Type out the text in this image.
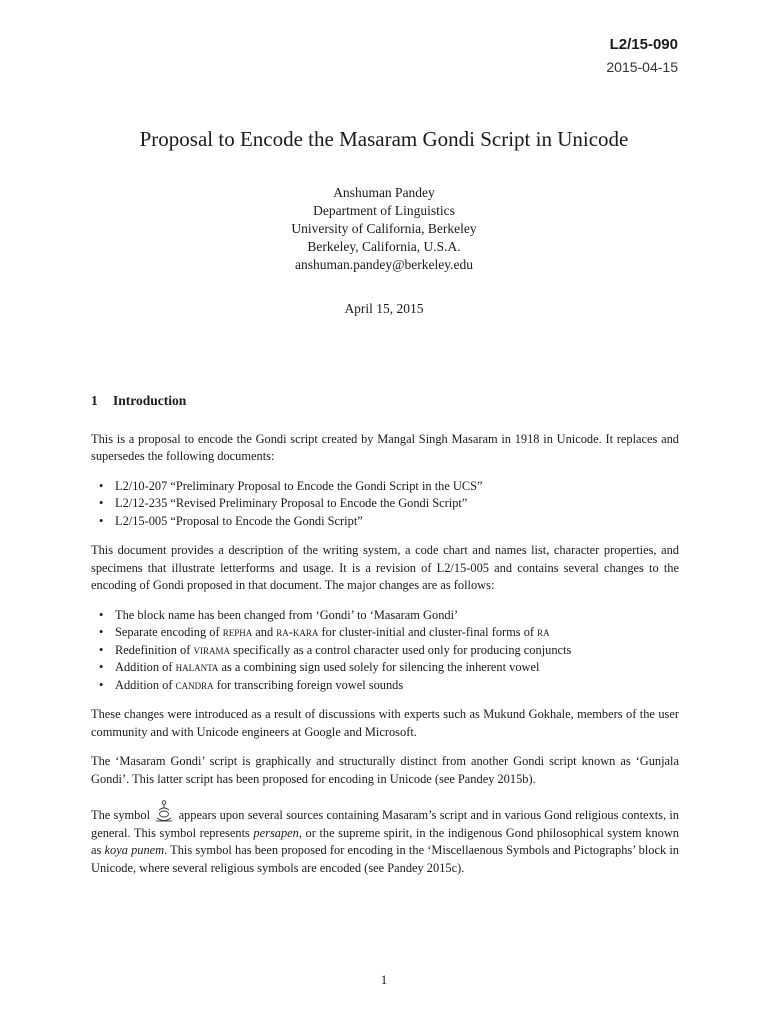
L2/15-090
2015-04-15
Proposal to Encode the Masaram Gondi Script in Unicode
Anshuman Pandey
Department of Linguistics
University of California, Berkeley
Berkeley, California, U.S.A.
anshuman.pandey@berkeley.edu
April 15, 2015
1 Introduction

This is a proposal to encode the Gondi script created by Mangal Singh Masaram in 1918 in Unicode. It replaces and supersedes the following documents:

• L2/10-207 “Preliminary Proposal to Encode the Gondi Script in the UCS”
• L2/12-235 “Revised Preliminary Proposal to Encode the Gondi Script”
• L2/15-005 “Proposal to Encode the Gondi Script”

This document provides a description of the writing system, a code chart and names list, character properties, and specimens that illustrate letterforms and usage. It is a revision of L2/15-005 and contains several changes to the encoding of Gondi proposed in that document. The major changes are as follows:

• The block name has been changed from ‘Gondi’ to ‘Masaram Gondi’
• Separate encoding of repha and ra-kara for cluster-initial and cluster-final forms of ra
• Redefinition of virama specifically as a control character used only for producing conjuncts
• Addition of halanta as a combining sign used solely for silencing the inherent vowel
• Addition of candra for transcribing foreign vowel sounds

These changes were introduced as a result of discussions with experts such as Mukund Gokhale, members of the user community and with Unicode engineers at Google and Microsoft.

The ‘Masaram Gondi’ script is graphically and structurally distinct from another Gondi script known as ‘Gunjala Gondi’. This latter script has been proposed for encoding in Unicode (see Pandey 2015b).

The symbol  appears upon several sources containing Masaram’s script and in various Gond religious contexts, in general. This symbol represents persapen, or the supreme spirit, in the indigenous Gond philosophical system known as koya punem. This symbol has been proposed for encoding in the ‘Miscellaenous Symbols and Pictographs’ block in Unicode, where several religious symbols are encoded (see Pandey 2015c).

1
